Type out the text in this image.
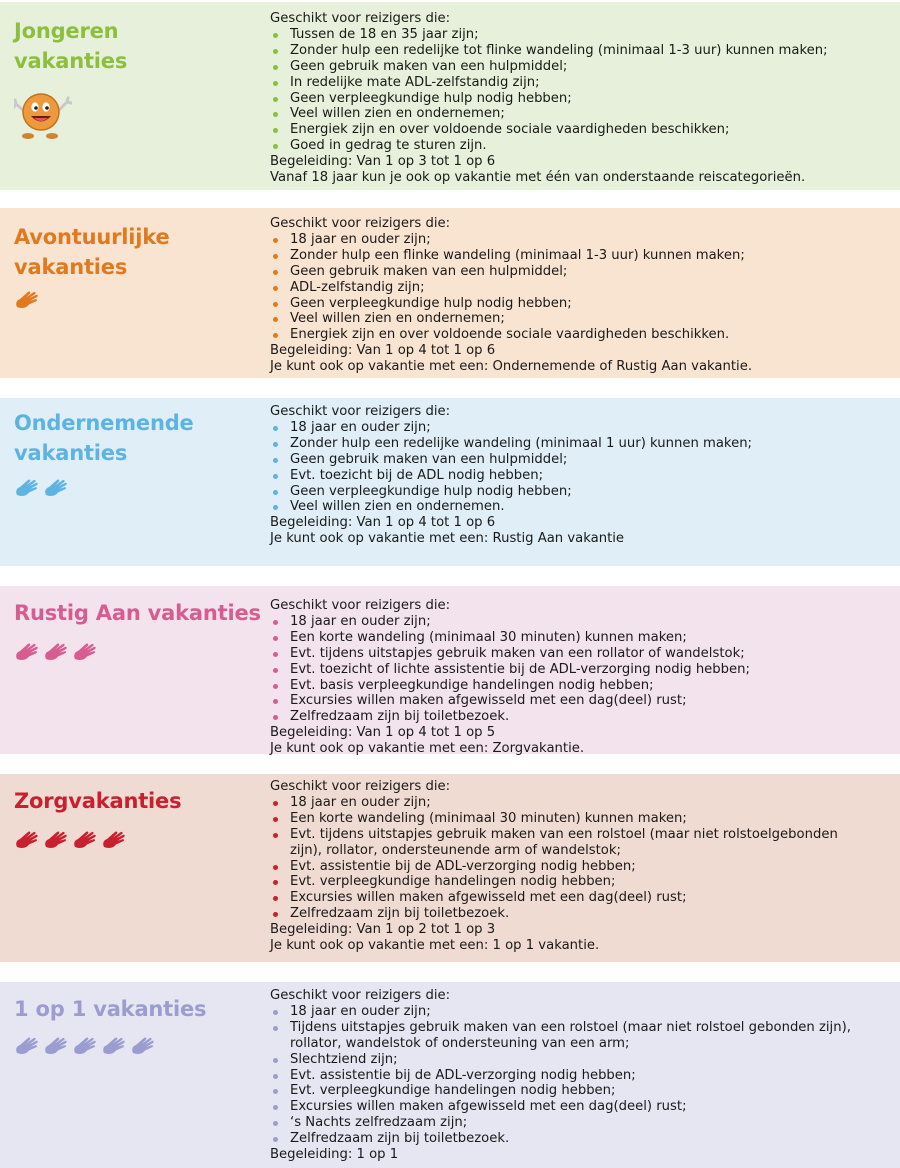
Jongeren
vakanties
Geschikt voor reizigers die:
Tussen de 18 en 35 jaar zijn;
Zonder hulp een redelijke tot flinke wandeling (minimaal 1-3 uur) kunnen maken;
Geen gebruik maken van een hulpmiddel;
In redelijke mate ADL-zelfstandig zijn;
Geen verpleegkundige hulp nodig hebben;
Veel willen zien en ondernemen;
Energiek zijn en over voldoende sociale vaardigheden beschikken;
Goed in gedrag te sturen zijn.
Begeleiding: Van 1 op 3 tot 1 op 6
Vanaf 18 jaar kun je ook op vakantie met één van onderstaande reiscategorieën.
Avontuurlijke
vakanties
Geschikt voor reizigers die:
18 jaar en ouder zijn;
Zonder hulp een flinke wandeling (minimaal 1-3 uur) kunnen maken;
Geen gebruik maken van een hulpmiddel;
ADL-zelfstandig zijn;
Geen verpleegkundige hulp nodig hebben;
Veel willen zien en ondernemen;
Energiek zijn en over voldoende sociale vaardigheden beschikken.
Begeleiding: Van 1 op 4 tot 1 op 6
Je kunt ook op vakantie met een: Ondernemende of Rustig Aan vakantie.
Ondernemende
vakanties
Geschikt voor reizigers die:
18 jaar en ouder zijn;
Zonder hulp een redelijke wandeling (minimaal 1 uur) kunnen maken;
Geen gebruik maken van een hulpmiddel;
Evt. toezicht bij de ADL nodig hebben;
Geen verpleegkundige hulp nodig hebben;
Veel willen zien en ondernemen.
Begeleiding: Van 1 op 4 tot 1 op 6
Je kunt ook op vakantie met een: Rustig Aan vakantie
Rustig Aan vakanties Geschikt voor reizigers die:
18 jaar en ouder zijn;
Een korte wandeling (minimaal 30 minuten) kunnen maken;
Evt. tijdens uitstapjes gebruik maken van een rollator of wandelstok;
Evt. toezicht of lichte assistentie bij de ADL-verzorging nodig hebben;
Evt. basis verpleegkundige handelingen nodig hebben;
Excursies willen maken afgewisseld met een dag(deel) rust;
Zelfredzaam zijn bij toiletbezoek.
Begeleiding: Van 1 op 4 tot 1 op 5
Je kunt ook op vakantie met een: Zorgvakantie.
Zorgvakanties
Geschikt voor reizigers die:
18 jaar en ouder zijn;
Een korte wandeling (minimaal 30 minuten) kunnen maken;
Evt. tijdens uitstapjes gebruik maken van een rolstoel (maar niet rolstoelgebonden
zijn), rollator, ondersteunende arm of wandelstok;
Evt. assistentie bij de ADL-verzorging nodig hebben;
Evt. verpleegkundige handelingen nodig hebben;
Excursies willen maken afgewisseld met een dag(deel) rust;
Zelfredzaam zijn bij toiletbezoek.
Begeleiding: Van 1 op 2 tot 1 op 3
Je kunt ook op vakantie met een: 1 op 1 vakantie.
1 op 1 vakanties
Geschikt voor reizigers die:
18 jaar en ouder zijn;
Tijdens uitstapjes gebruik maken van een rolstoel (maar niet rolstoel gebonden zijn),
rollator, wandelstok of ondersteuning van een arm;
Slechtziend zijn;
Evt. assistentie bij de ADL-verzorging nodig hebben;
Evt. verpleegkundige handelingen nodig hebben;
Excursies willen maken afgewisseld met een dag(deel) rust;
‘s Nachts zelfredzaam zijn;
Zelfredzaam zijn bij toiletbezoek.
Begeleiding: 1 op 1
